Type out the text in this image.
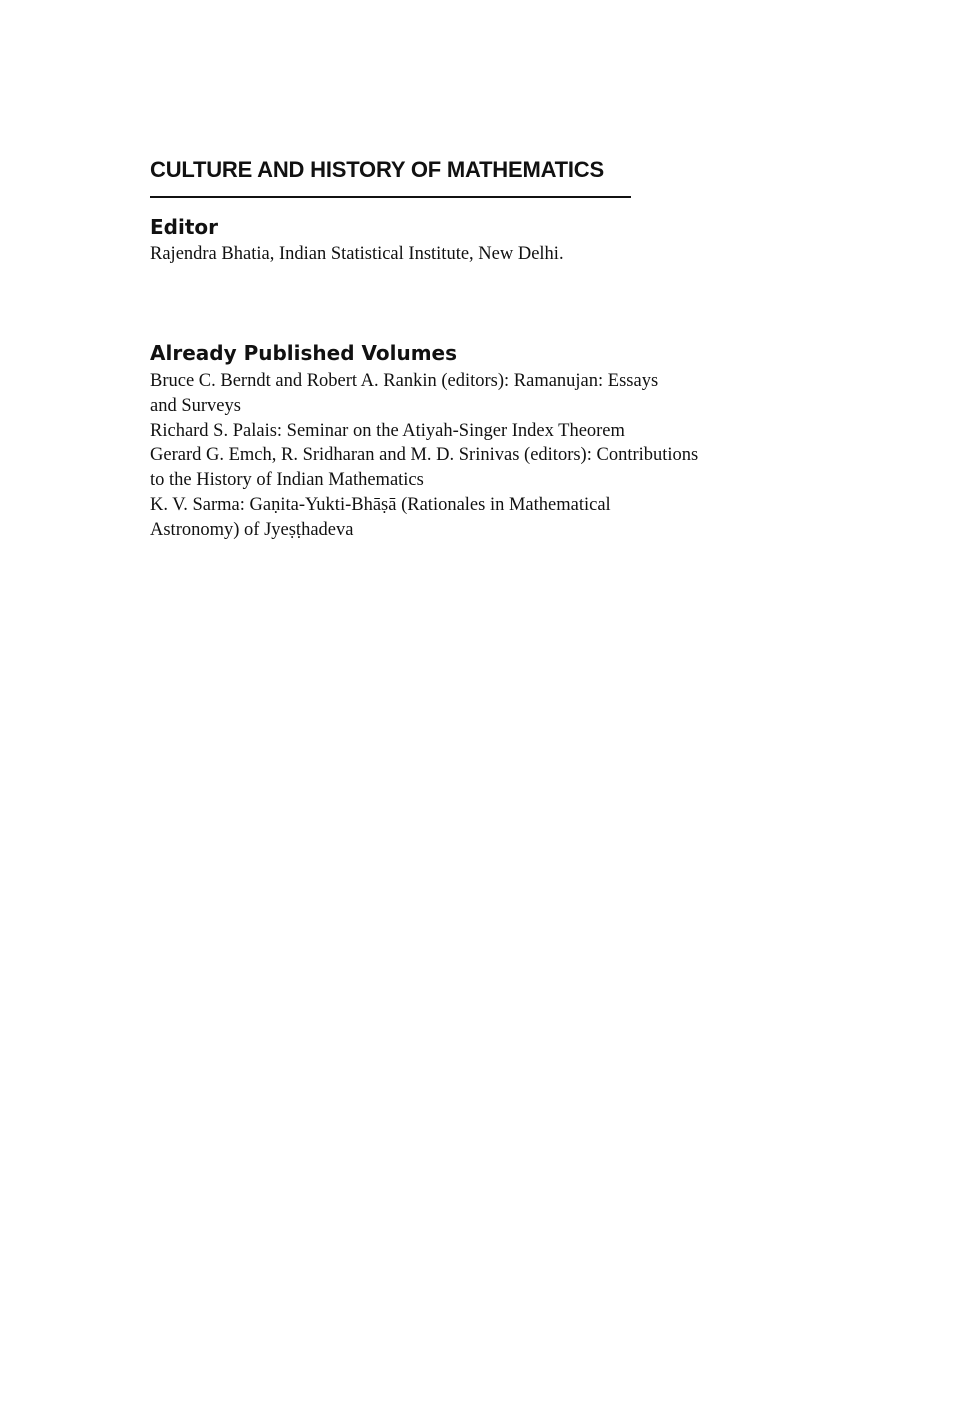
CULTURE AND HISTORY OF MATHEMATICS
Editor

Rajendra Bhatia, Indian Statistical Institute, New Delhi.

Already Published Volumes
Bruce C. Berndt and Robert A. Rankin (editors): Ramanujan: Essays
and Surveys
Richard S. Palais: Seminar on the Atiyah-Singer Index Theorem
Gerard G. Emch, R. Sridharan and M. D. Srinivas (editors): Contributions
to the History of Indian Mathematics
K. V. Sarma: Gaṇita-Yukti-Bhāṣā (Rationales in Mathematical
Astronomy) of Jyeṣṭhadeva
